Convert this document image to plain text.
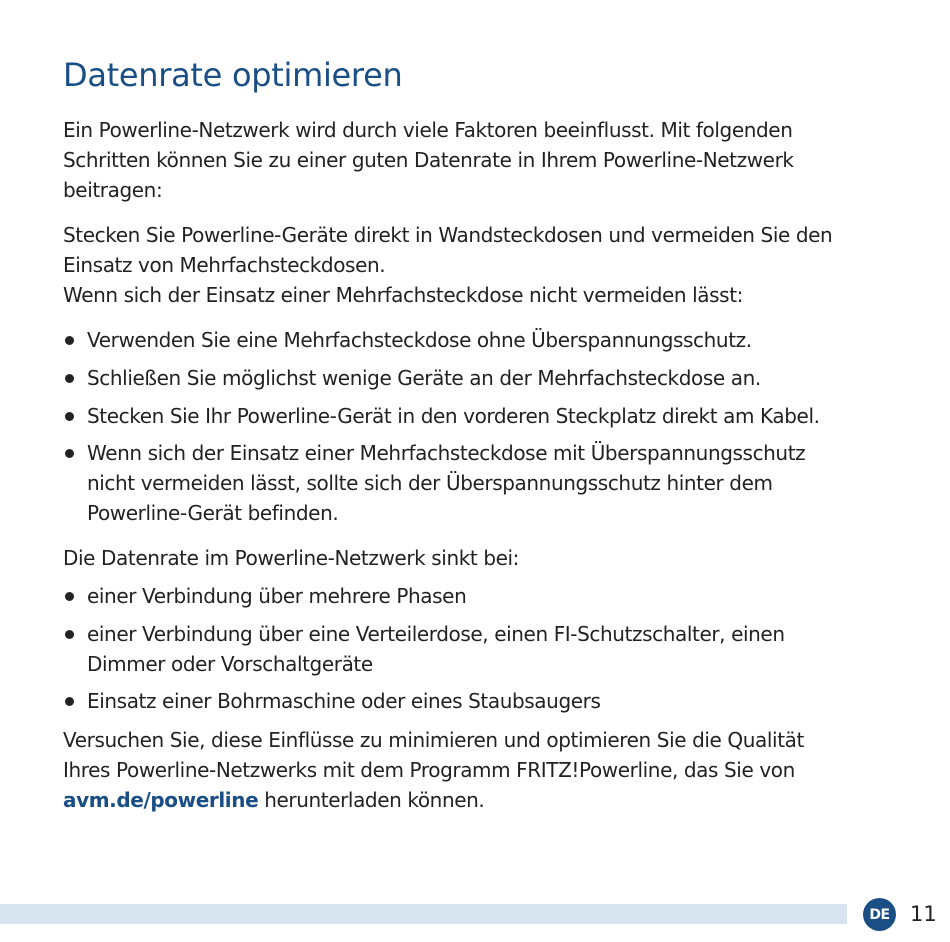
Datenrate optimieren
Ein Powerline-Netzwerk wird durch viele Faktoren beeinflusst. Mit folgenden
Schritten können Sie zu einer guten Datenrate in Ihrem Powerline-Netzwerk
beitragen:
Stecken Sie Powerline-Geräte direkt in Wandsteckdosen und vermeiden Sie den
Einsatz von Mehrfachsteckdosen.
Wenn sich der Einsatz einer Mehrfachsteckdose nicht vermeiden lässt:
Verwenden Sie eine Mehrfachsteckdose ohne Überspannungsschutz.
Schließen Sie möglichst wenige Geräte an der Mehrfachsteckdose an.
Stecken Sie Ihr Powerline-Gerät in den vorderen Steckplatz direkt am Kabel.
Wenn sich der Einsatz einer Mehrfachsteckdose mit Überspannungsschutz
nicht vermeiden lässt, sollte sich der Überspannungsschutz hinter dem
Powerline-Gerät befinden.
Die Datenrate im Powerline-Netzwerk sinkt bei:
einer Verbindung über mehrere Phasen
einer Verbindung über eine Verteilerdose, einen FI-Schutzschalter, einen
Dimmer oder Vorschaltgeräte
Einsatz einer Bohrmaschine oder eines Staubsaugers
Versuchen Sie, diese Einflüsse zu minimieren und optimieren Sie die Qualität
Ihres Powerline-Netzwerks mit dem Programm FRITZ!Powerline, das Sie von
avm.de/powerline herunterladen können.
DE 11
